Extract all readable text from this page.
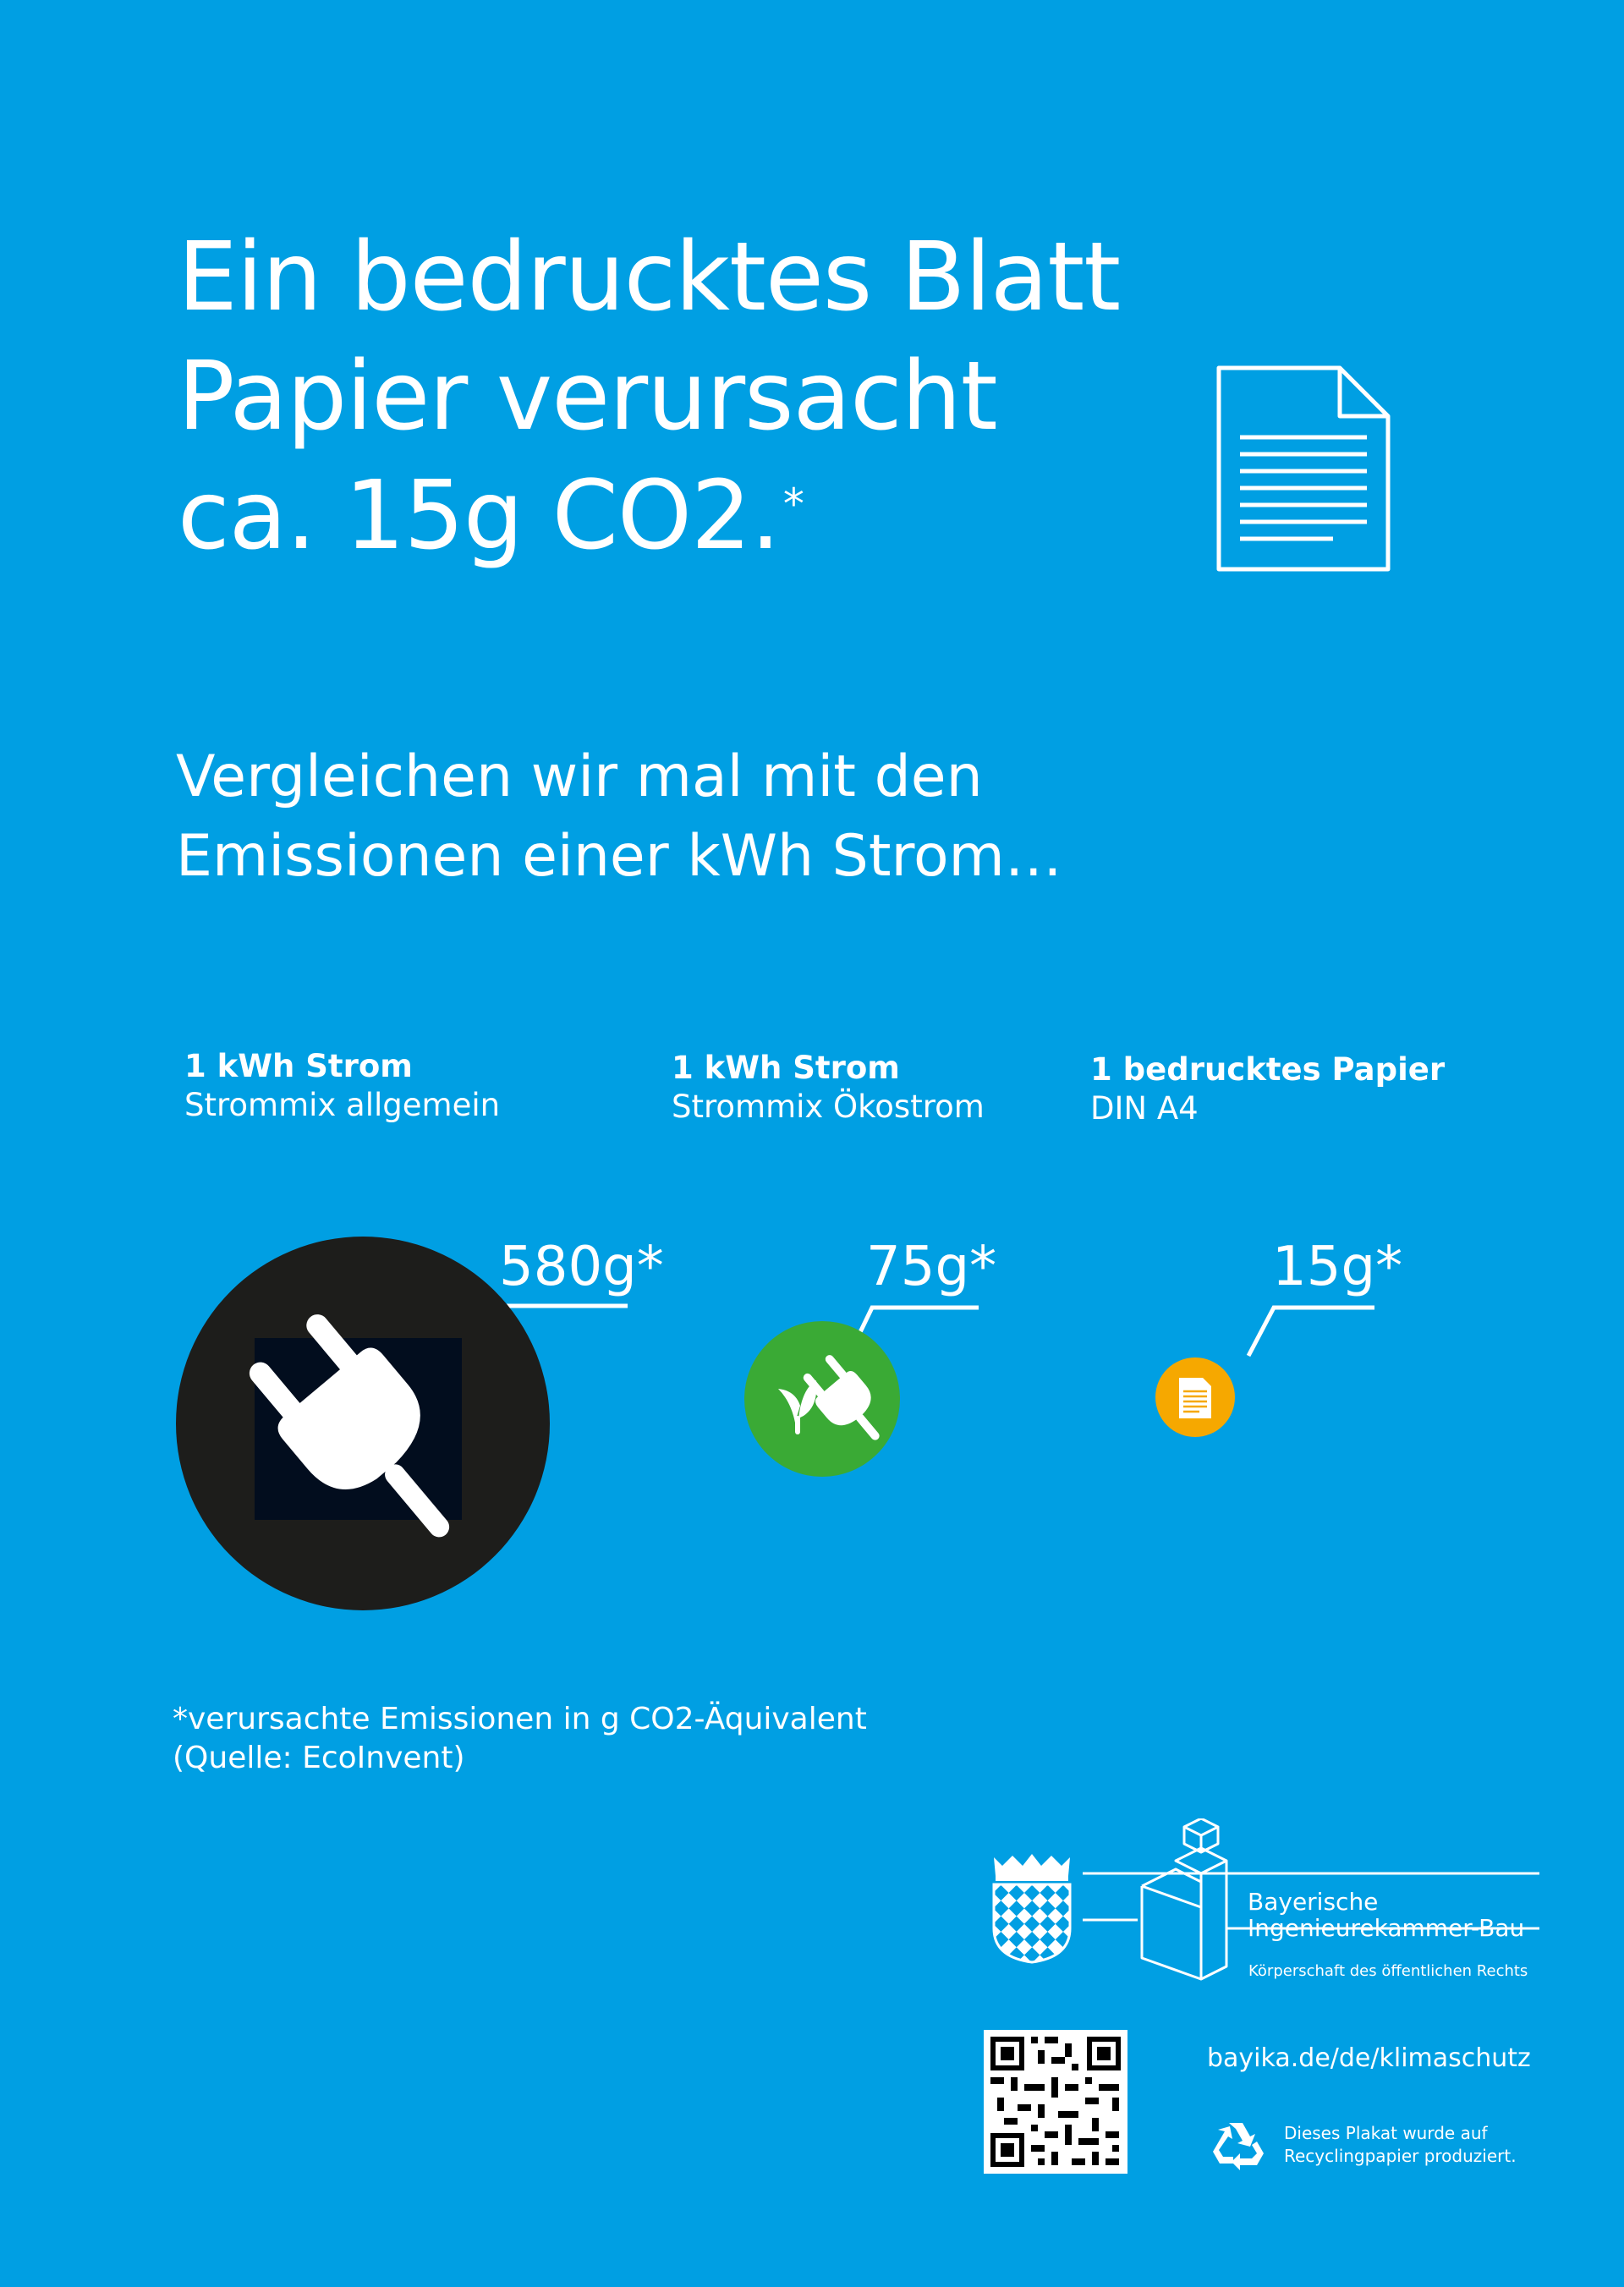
Ein bedrucktes Blatt
Papier verursacht
ca. 15g CO2.*
Vergleichen wir mal mit den
Emissionen einer kWh Strom…
1 kWh Strom
Strommix allgemein
1 kWh Strom
Strommix Ökostrom
1 bedrucktes Papier
DIN A4
580g*	75g*	15g*
*verursachte Emissionen in g CO2-Äquivalent
(Quelle: EcoInvent)
Bayerische
Ingenieurekammer-Bau
Körperschaft des öffentlichen Rechts
bayika.de/de/klimaschutz
Dieses Plakat wurde auf
Recyclingpapier produziert.
